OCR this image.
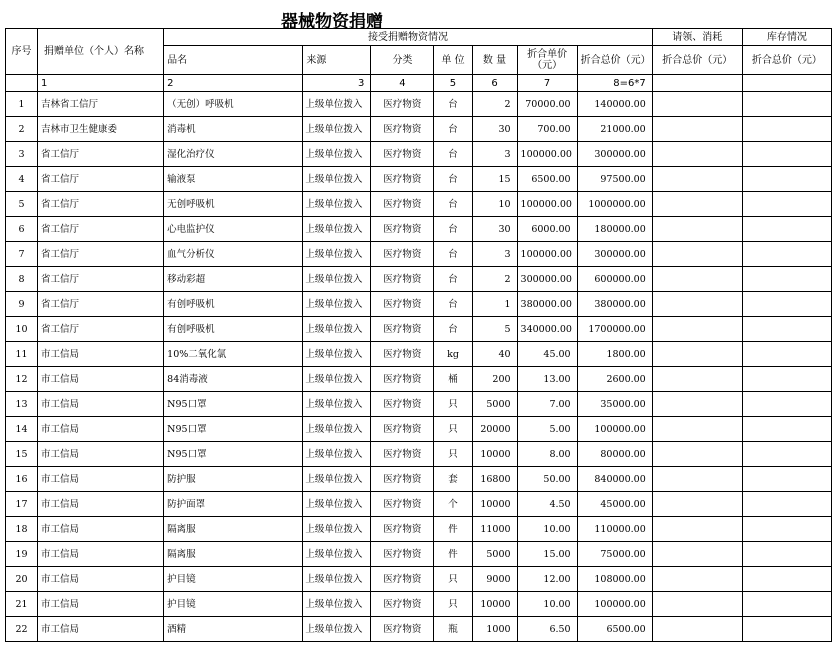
器械物资捐赠
序号	捐赠单位（个人）名称	接受捐赠物资情况							请领、消耗	库存情况
		品名	来源	分类	单 位	数 量	折合单价（元）	折合总价（元）	折合总价（元）	折合总价（元）
	1	2	3	4	5	6	7	8=6*7		
1	吉林省工信厅	（无创）呼吸机	上级单位拨入	医疗物资	台	2	70000.00	140000.00		
2	吉林市卫生健康委	消毒机	上级单位拨入	医疗物资	台	30	700.00	21000.00		
3	省工信厅	湿化治疗仪	上级单位拨入	医疗物资	台	3	100000.00	300000.00		
4	省工信厅	输液泵	上级单位拨入	医疗物资	台	15	6500.00	97500.00		
5	省工信厅	无创呼吸机	上级单位拨入	医疗物资	台	10	100000.00	1000000.00		
6	省工信厅	心电监护仪	上级单位拨入	医疗物资	台	30	6000.00	180000.00		
7	省工信厅	血气分析仪	上级单位拨入	医疗物资	台	3	100000.00	300000.00		
8	省工信厅	移动彩超	上级单位拨入	医疗物资	台	2	300000.00	600000.00		
9	省工信厅	有创呼吸机	上级单位拨入	医疗物资	台	1	380000.00	380000.00		
10	省工信厅	有创呼吸机	上级单位拨入	医疗物资	台	5	340000.00	1700000.00		
11	市工信局	10%二氧化氯	上级单位拨入	医疗物资	kg	40	45.00	1800.00		
12	市工信局	84消毒液	上级单位拨入	医疗物资	桶	200	13.00	2600.00		
13	市工信局	N95口罩	上级单位拨入	医疗物资	只	5000	7.00	35000.00		
14	市工信局	N95口罩	上级单位拨入	医疗物资	只	20000	5.00	100000.00		
15	市工信局	N95口罩	上级单位拨入	医疗物资	只	10000	8.00	80000.00		
16	市工信局	防护服	上级单位拨入	医疗物资	套	16800	50.00	840000.00		
17	市工信局	防护面罩	上级单位拨入	医疗物资	个	10000	4.50	45000.00		
18	市工信局	隔离服	上级单位拨入	医疗物资	件	11000	10.00	110000.00		
19	市工信局	隔离服	上级单位拨入	医疗物资	件	5000	15.00	75000.00		
20	市工信局	护目镜	上级单位拨入	医疗物资	只	9000	12.00	108000.00		
21	市工信局	护目镜	上级单位拨入	医疗物资	只	10000	10.00	100000.00		
22	市工信局	酒精	上级单位拨入	医疗物资	瓶	1000	6.50	6500.00		
